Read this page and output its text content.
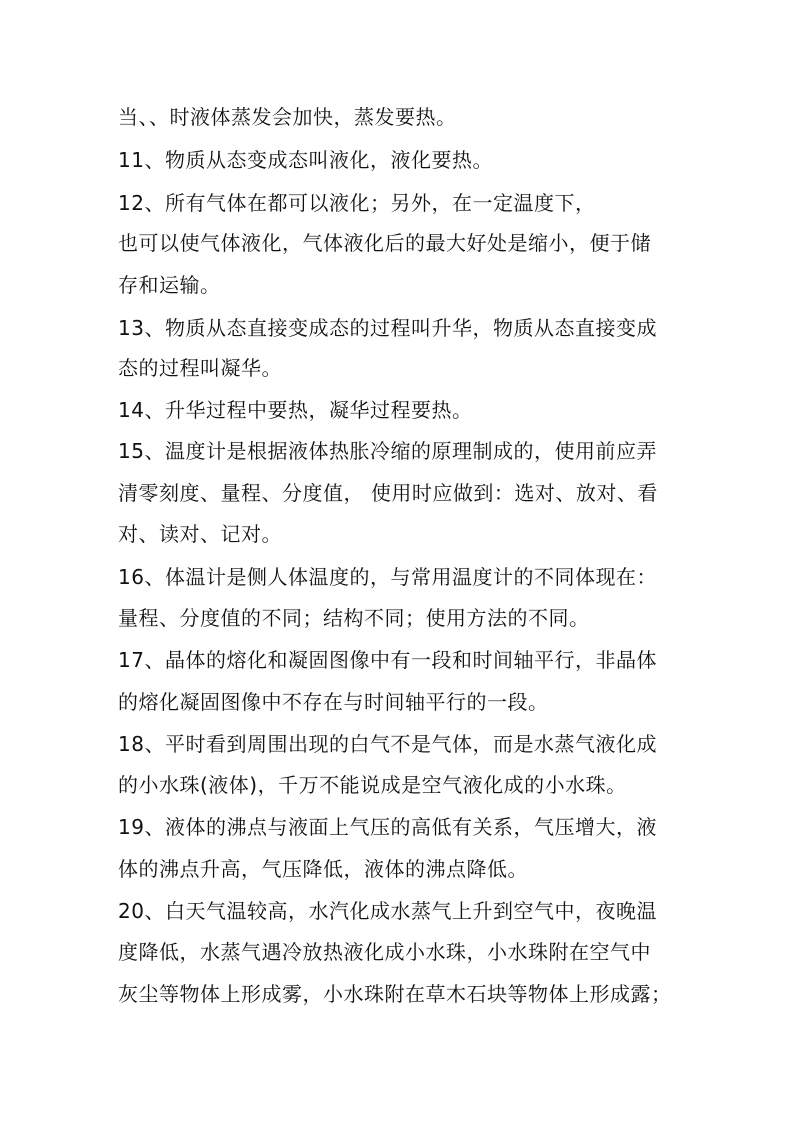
当、、时液体蒸发会加快，蒸发要热。
11、物质从态变成态叫液化，液化要热。
12、所有气体在都可以液化；另外，在一定温度下，
也可以使气体液化，气体液化后的最大好处是缩小，便于储
存和运输。
13、物质从态直接变成态的过程叫升华，物质从态直接变成
态的过程叫凝华。
14、升华过程中要热，凝华过程要热。
15、温度计是根据液体热胀冷缩的原理制成的，使用前应弄
清零刻度、量程、分度值， 使用时应做到：选对、放对、看
对、读对、记对。
16、体温计是侧人体温度的，与常用温度计的不同体现在：
量程、分度值的不同；结构不同；使用方法的不同。
17、晶体的熔化和凝固图像中有一段和时间轴平行，非晶体
的熔化凝固图像中不存在与时间轴平行的一段。
18、平时看到周围出现的白气不是气体，而是水蒸气液化成
的小水珠(液体)，千万不能说成是空气液化成的小水珠。
19、液体的沸点与液面上气压的高低有关系，气压增大，液
体的沸点升高，气压降低，液体的沸点降低。
20、白天气温较高，水汽化成水蒸气上升到空气中，夜晚温
度降低，水蒸气遇冷放热液化成小水珠，小水珠附在空气中
灰尘等物体上形成雾，小水珠附在草木石块等物体上形成露；
